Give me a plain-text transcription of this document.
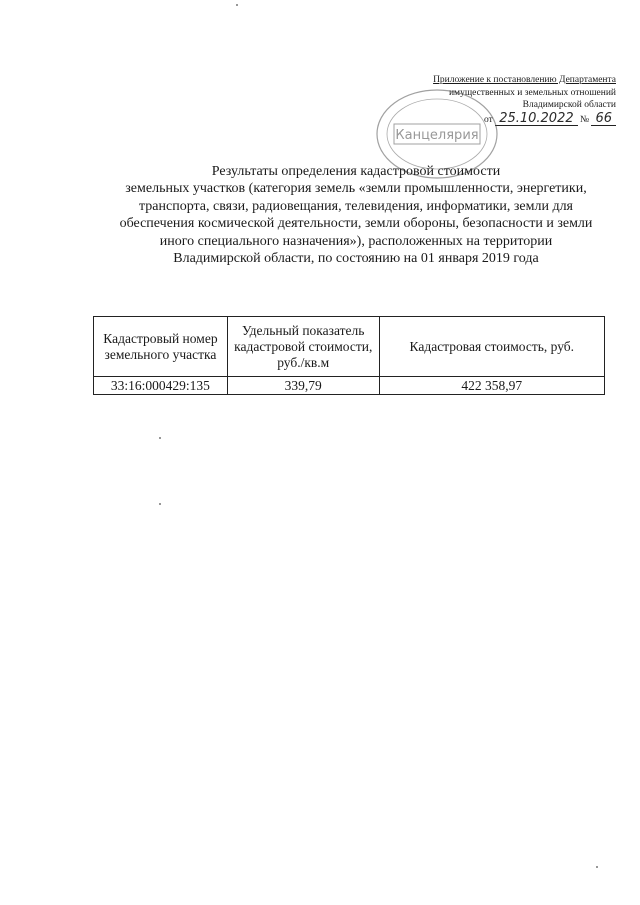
Приложение к постановлению Департамента
имущественных и земельных отношений
Владимирской области
от 25.10.2022 № 66
Канцелярия
Результаты определения кадастровой стоимости
земельных участков (категория земель «земли промышленности, энергетики,
транспорта, связи, радиовещания, телевидения, информатики, земли для
обеспечения космической деятельности, земли обороны, безопасности и земли
иного специального назначения»), расположенных на территории
Владимирской области, по состоянию на 01 января 2019 года
Кадастровый номер земельного участка	Удельный показатель кадастровой стоимости, руб./кв.м	Кадастровая стоимость, руб.
33:16:000429:135	339,79	422 358,97
